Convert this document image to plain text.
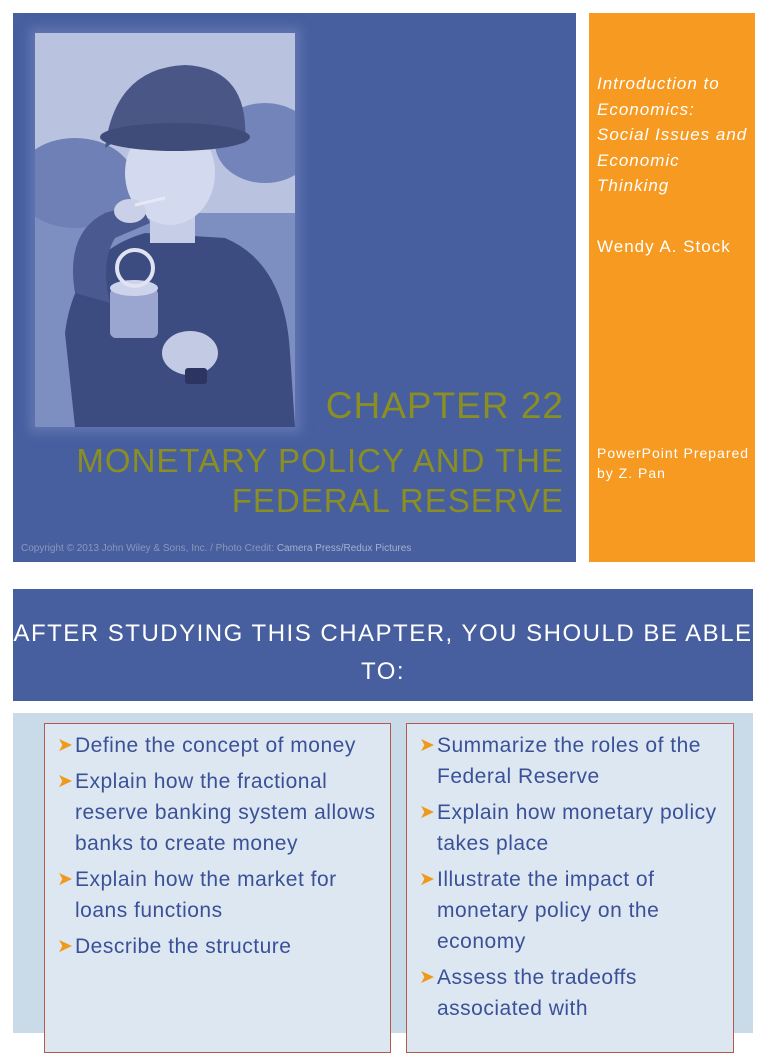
CHAPTER 22
MONETARY POLICY AND THE FEDERAL RESERVE
Copyright © 2013 John Wiley & Sons, Inc. / Photo Credit: Camera Press/Redux Pictures
Introduction to Economics: Social Issues and Economic Thinking
Wendy A. Stock
PowerPoint Prepared by Z. Pan
AFTER STUDYING THIS CHAPTER, YOU SHOULD BE ABLE TO:
➤ Define the concept of money
➤ Explain how the fractional reserve banking system allows banks to create money
➤ Explain how the market for loans functions
➤ Describe the structure
➤ Summarize the roles of the Federal Reserve
➤ Explain how monetary policy takes place
➤ Illustrate the impact of monetary policy on the economy
➤ Assess the tradeoffs associated with
